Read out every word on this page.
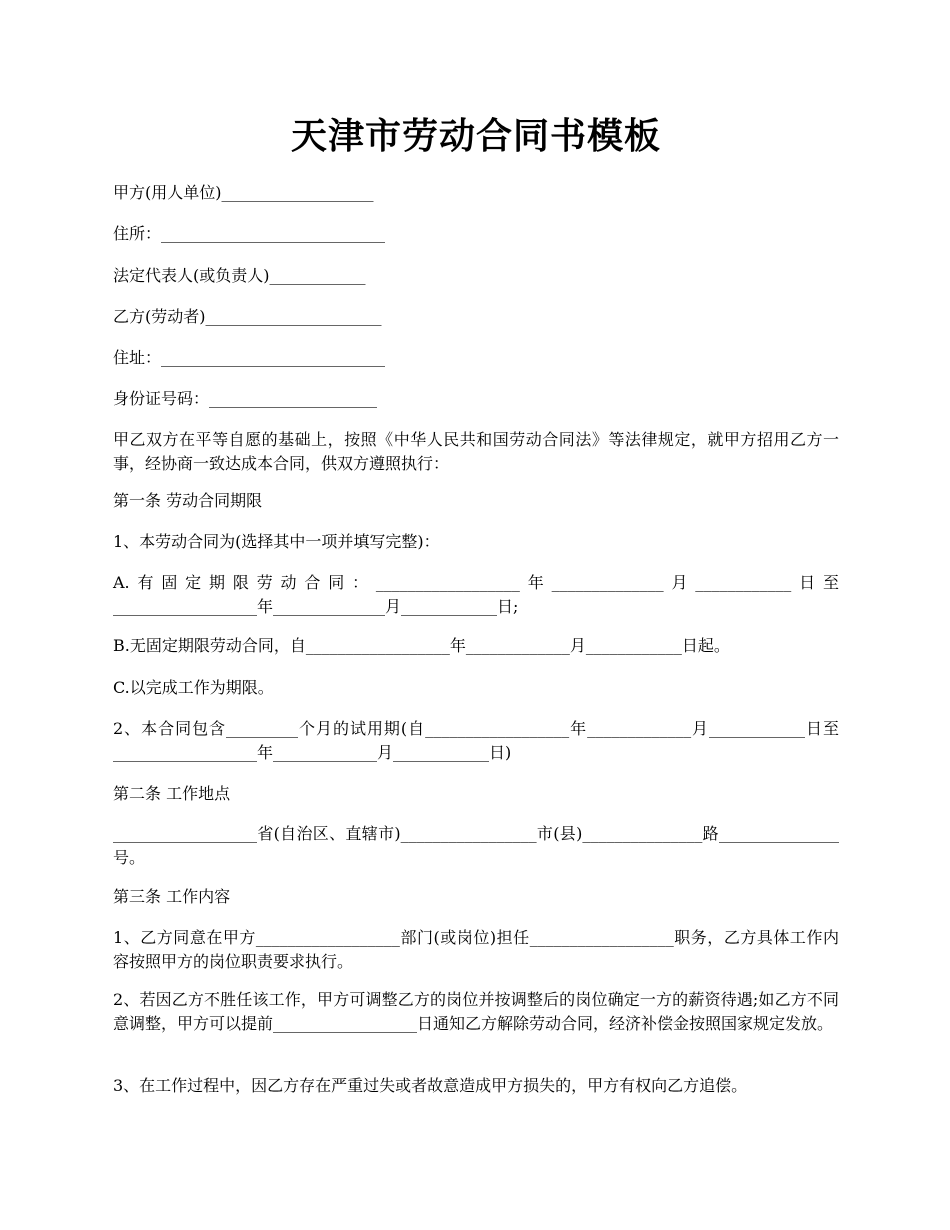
天津市劳动合同书模板

甲方(用人单位)___________________

住所：____________________________

法定代表人(或负责人)____________

乙方(劳动者)______________________

住址：____________________________

身份证号码：_____________________

甲乙双方在平等自愿的基础上，按照《中华人民共和国劳动合同法》等法律规定，就甲方招用乙方一事，经协商一致达成本合同，供双方遵照执行：

第一条 劳动合同期限

1、本劳动合同为(选择其中一项并填写完整)：

A.有固定期限劳动合同：__________________年______________月____________日至__________________年______________月____________日;

B.无固定期限劳动合同，自__________________年_____________月____________日起。

C.以完成工作为期限。

2、本合同包含_________个月的试用期(自__________________年_____________月____________日至__________________年_____________月____________日)

第二条 工作地点

__________________省(自治区、直辖市)_________________市(县)_______________路_______________号。

第三条 工作内容

1、乙方同意在甲方__________________部门(或岗位)担任__________________职务，乙方具体工作内容按照甲方的岗位职责要求执行。

2、若因乙方不胜任该工作，甲方可调整乙方的岗位并按调整后的岗位确定一方的薪资待遇;如乙方不同意调整，甲方可以提前__________________日通知乙方解除劳动合同，经济补偿金按照国家规定发放。

3、在工作过程中，因乙方存在严重过失或者故意造成甲方损失的，甲方有权向乙方追偿。
